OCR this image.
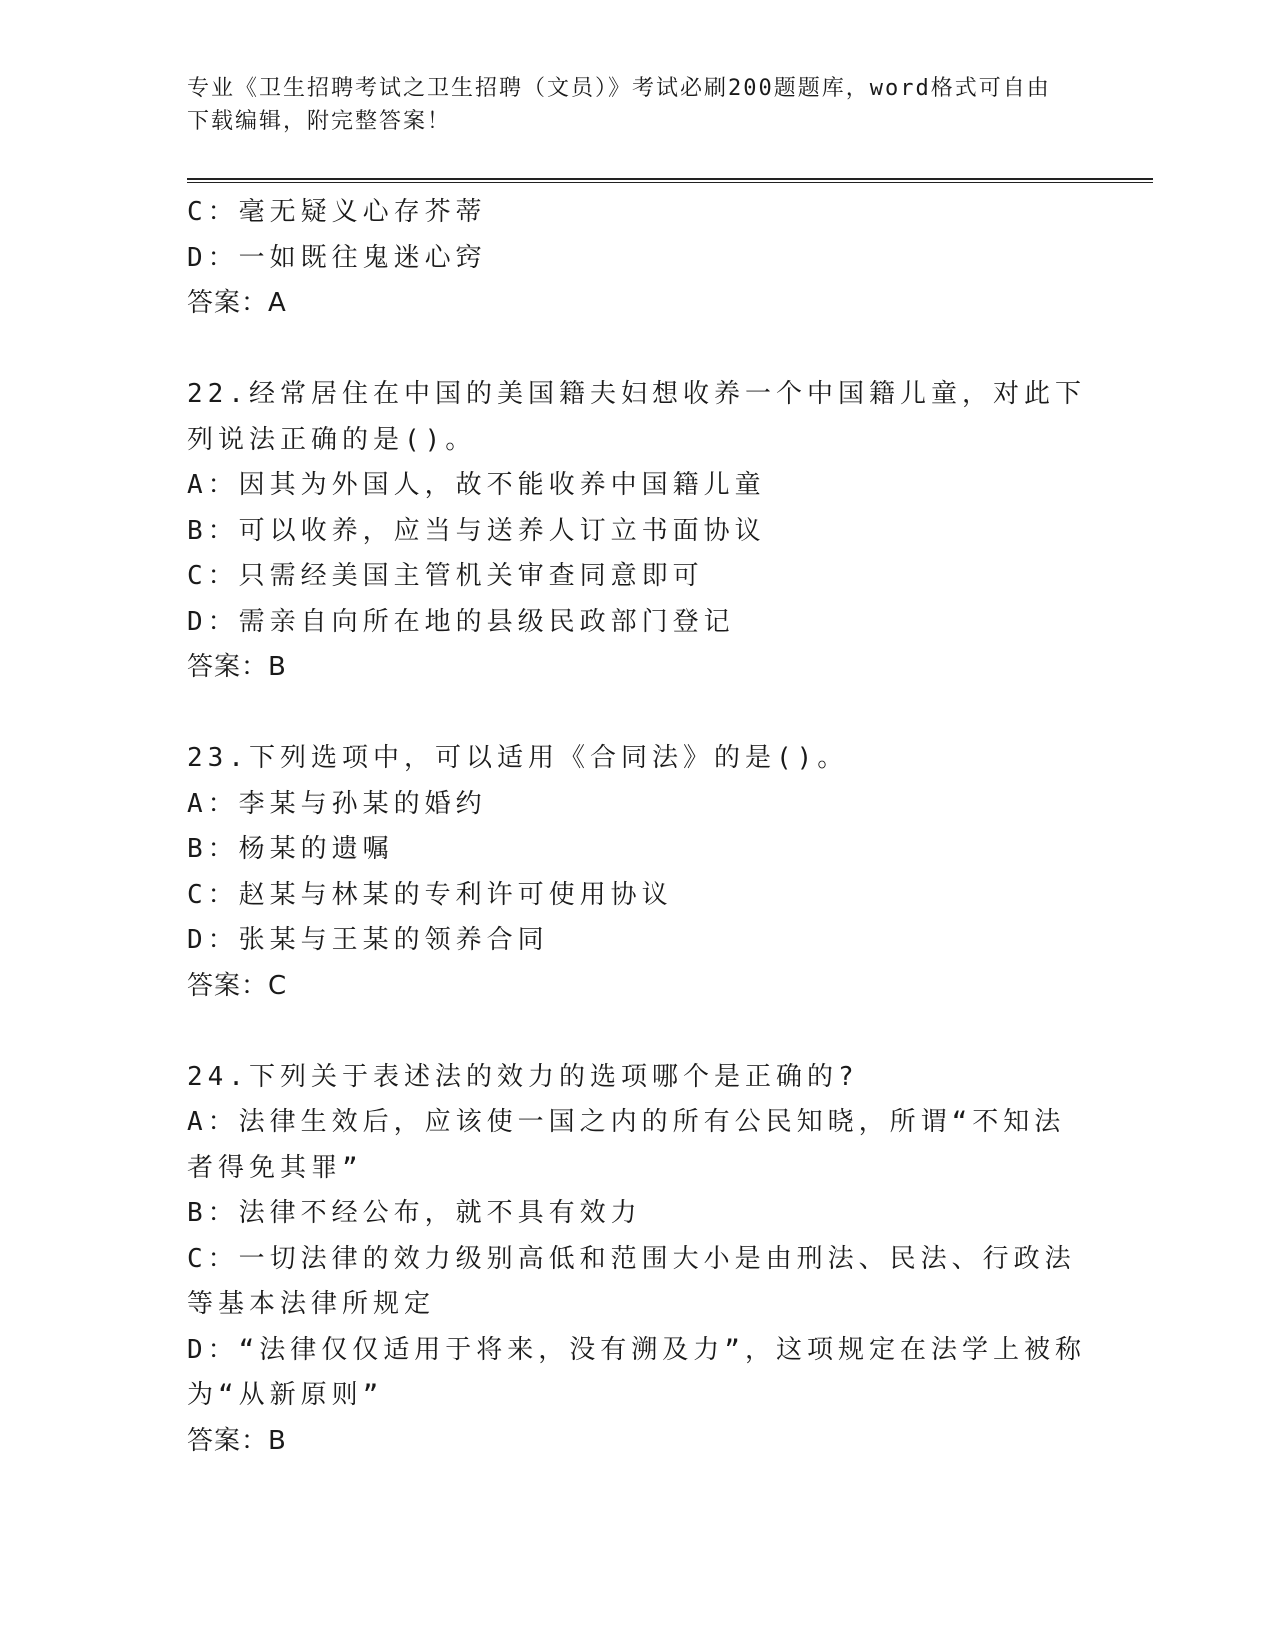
专业《卫生招聘考试之卫生招聘（文员）》考试必刷200题题库，word格式可自由下载编辑，附完整答案！
C：毫无疑义心存芥蒂
D：一如既往鬼迷心窍
答案：A
22.经常居住在中国的美国籍夫妇想收养一个中国籍儿童，对此下列说法正确的是()。
A：因其为外国人，故不能收养中国籍儿童
B：可以收养，应当与送养人订立书面协议
C：只需经美国主管机关审查同意即可
D：需亲自向所在地的县级民政部门登记
答案：B
23.下列选项中，可以适用《合同法》的是()。
A：李某与孙某的婚约
B：杨某的遗嘱
C：赵某与林某的专利许可使用协议
D：张某与王某的领养合同
答案：C
24.下列关于表述法的效力的选项哪个是正确的?
A：法律生效后，应该使一国之内的所有公民知晓，所谓“不知法者得免其罪”
B：法律不经公布，就不具有效力
C：一切法律的效力级别高低和范围大小是由刑法、民法、行政法等基本法律所规定
D：“法律仅仅适用于将来，没有溯及力”，这项规定在法学上被称为“从新原则”
答案：B
